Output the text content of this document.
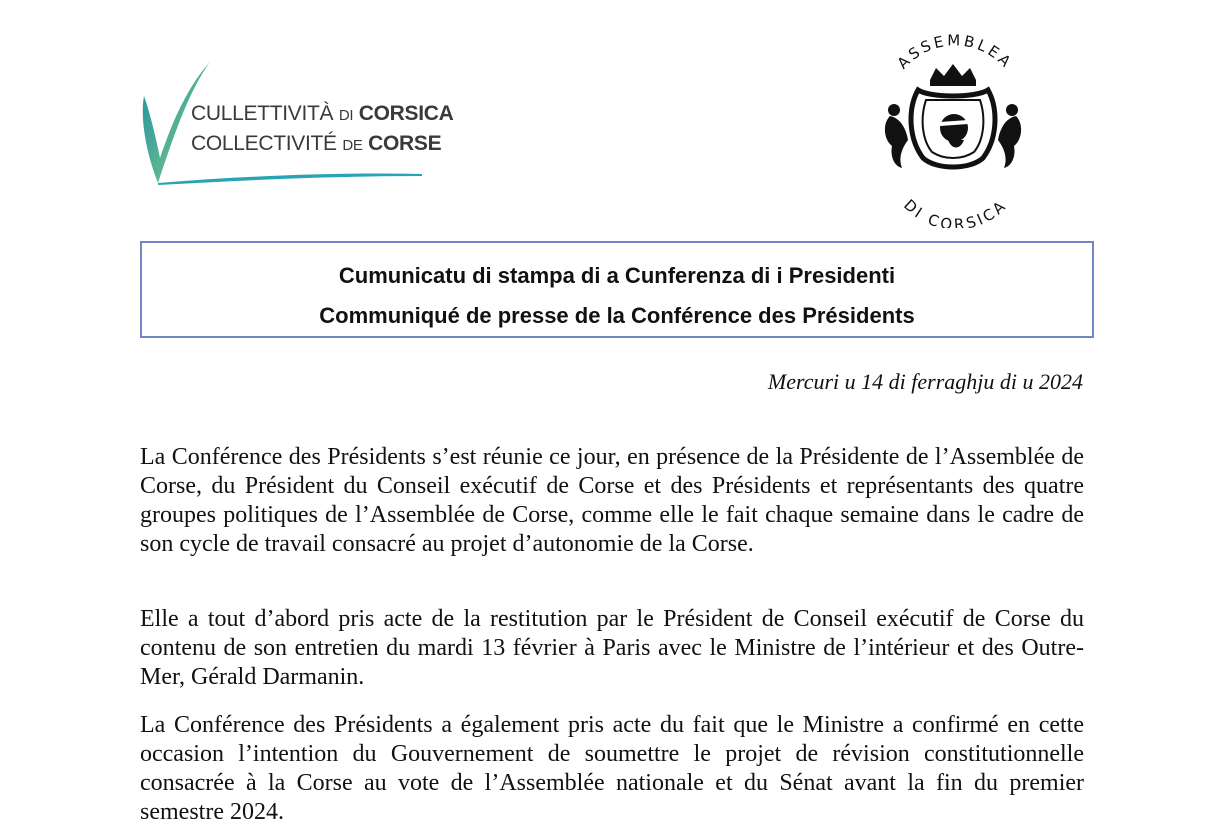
CULLETTIVITÀ DI CORSICA
COLLECTIVITÉ DE CORSE
ASSEMBLEA
DI CORSICA
Cumunicatu di stampa di a Cunferenza di i Presidenti
Communiqué de presse de la Conférence des Présidents
Mercuri u 14 di ferraghju di u 2024

La Conférence des Présidents s’est réunie ce jour, en présence de la Présidente de l’Assemblée de Corse, du Président du Conseil exécutif de Corse et des Présidents et représentants des quatre groupes politiques de l’Assemblée de Corse, comme elle le fait chaque semaine dans le cadre de son cycle de travail consacré au projet d’autonomie de la Corse.

Elle a tout d’abord pris acte de la restitution par le Président de Conseil exécutif de Corse du contenu de son entretien du mardi 13 février à Paris avec le Ministre de l’intérieur et des Outre-Mer, Gérald Darmanin.

La Conférence des Présidents a également pris acte du fait que le Ministre a confirmé en cette occasion l’intention du Gouvernement de soumettre le projet de révision constitutionnelle consacrée à la Corse au vote de l’Assemblée nationale et du Sénat avant la fin du premier semestre 2024.
